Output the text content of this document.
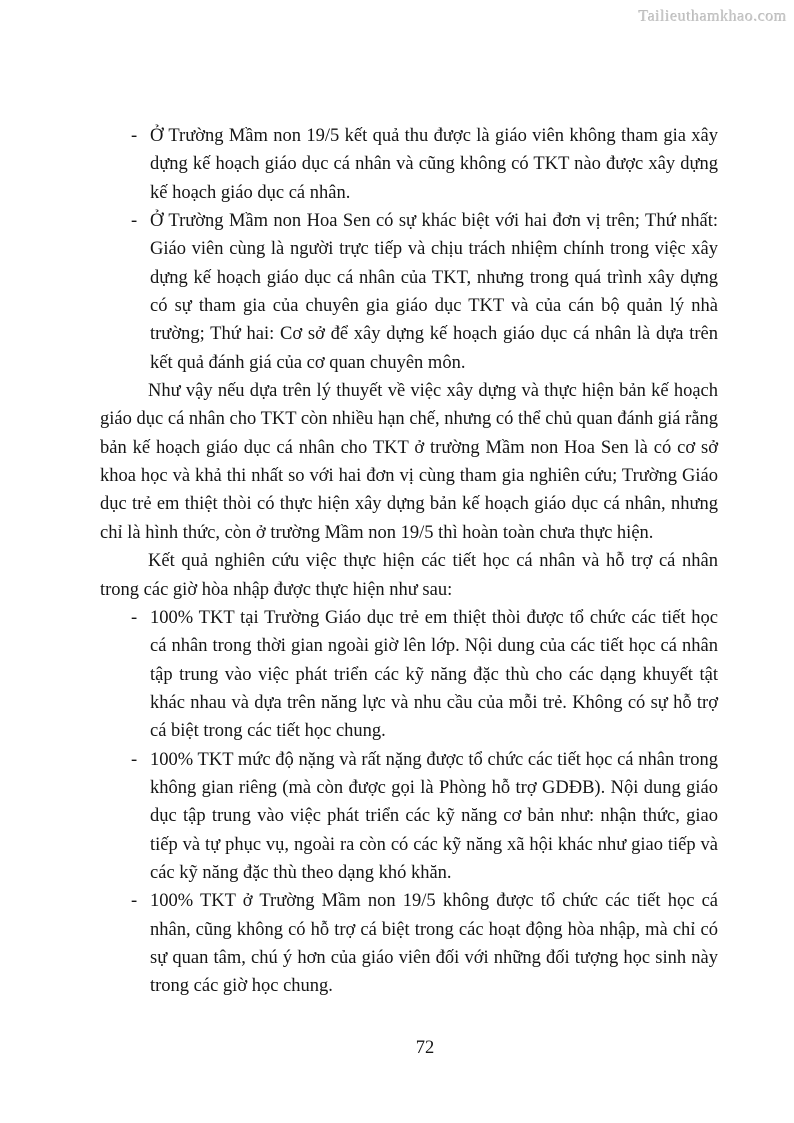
Tailieuthamkhao.com
- Ở Trường Mầm non 19/5 kết quả thu được là giáo viên không tham gia xây dựng kế hoạch giáo dục cá nhân và cũng không có TKT nào được xây dựng kế hoạch giáo dục cá nhân.
- Ở Trường Mầm non Hoa Sen có sự khác biệt với hai đơn vị trên; Thứ nhất: Giáo viên cùng là người trực tiếp và chịu trách nhiệm chính trong việc xây dựng kế hoạch giáo dục cá nhân của TKT, nhưng trong quá trình xây dựng có sự tham gia của chuyên gia giáo dục TKT và của cán bộ quản lý nhà trường; Thứ hai: Cơ sở để xây dựng kế hoạch giáo dục cá nhân là dựa trên kết quả đánh giá của cơ quan chuyên môn.
Như vậy nếu dựa trên lý thuyết về việc xây dựng và thực hiện bản kế hoạch giáo dục cá nhân cho TKT còn nhiều hạn chế, nhưng có thể chủ quan đánh giá rằng bản kế hoạch giáo dục cá nhân cho TKT ở trường Mầm non Hoa Sen là có cơ sở khoa học và khả thi nhất so với hai đơn vị cùng tham gia nghiên cứu; Trường Giáo dục trẻ em thiệt thòi có thực hiện xây dựng bản kế hoạch giáo dục cá nhân, nhưng chỉ là hình thức, còn ở trường Mầm non 19/5 thì hoàn toàn chưa thực hiện.
Kết quả nghiên cứu việc thực hiện các tiết học cá nhân và hỗ trợ cá nhân trong các giờ hòa nhập được thực hiện như sau:
- 100% TKT tại Trường Giáo dục trẻ em thiệt thòi được tổ chức các tiết học cá nhân trong thời gian ngoài giờ lên lớp. Nội dung của các tiết học cá nhân tập trung vào việc phát triển các kỹ năng đặc thù cho các dạng khuyết tật khác nhau và dựa trên năng lực và nhu cầu của mỗi trẻ. Không có sự hỗ trợ cá biệt trong các tiết học chung.
- 100% TKT mức độ nặng và rất nặng được tổ chức các tiết học cá nhân trong không gian riêng (mà còn được gọi là Phòng hỗ trợ GDĐB). Nội dung giáo dục tập trung vào việc phát triển các kỹ năng cơ bản như: nhận thức, giao tiếp và tự phục vụ, ngoài ra còn có các kỹ năng xã hội khác như giao tiếp và các kỹ năng đặc thù theo dạng khó khăn.
- 100% TKT ở Trường Mầm non 19/5 không được tổ chức các tiết học cá nhân, cũng không có hỗ trợ cá biệt trong các hoạt động hòa nhập, mà chỉ có sự quan tâm, chú ý hơn của giáo viên đối với những đối tượng học sinh này trong các giờ học chung.
72
